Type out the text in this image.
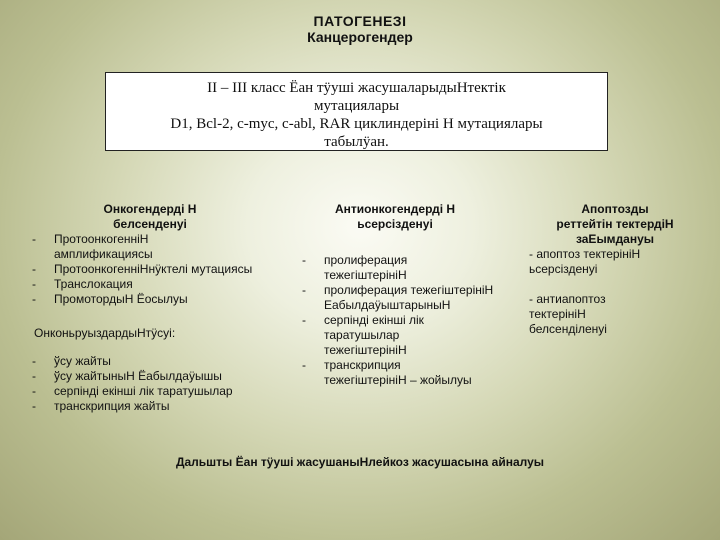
ПАТОГЕНЕЗІ
Канцерогендер
II – III класс Ëан тÿуші жасушаларыдыНтектік
мутациялары
D1, Bcl-2, c-myc, c-abl, RAR циклиндеріні Н мутациялары
табылÿан.
Онкогендерді Н
белсенденуі
- ПротоонкогенніН амплификациясы
- ПротоонкогенніНнÿктелі мутациясы
- Транслокация
- ПромотордыН Ëосылуы
ОнконьруыздардыНтÿсуі:
- ўсу жайты
- ўсу жайтыныН Ëабылдаÿышы
- серпінді екінші лік таратушылар
- транскрипция жайты
Антионкогендерді Н
ьсерсізденуі
- пролиферация тежегіштерініН
- пролиферация тежегіштерініН ЕабылдаÿыштарыныН
- серпінді екінші лік таратушылар тежегіштерініН
- транскрипция тежегіштерініН – жойылуы
Апоптозды
реттейтін тектердіН
заЕымдануы
- апоптоз тектерініН ьсерсізденуі
- антиапоптоз тектерініН белсенділенуі
Дальшты Ëан тÿуші жасушаныНлейкоз жасушасына айналуы
